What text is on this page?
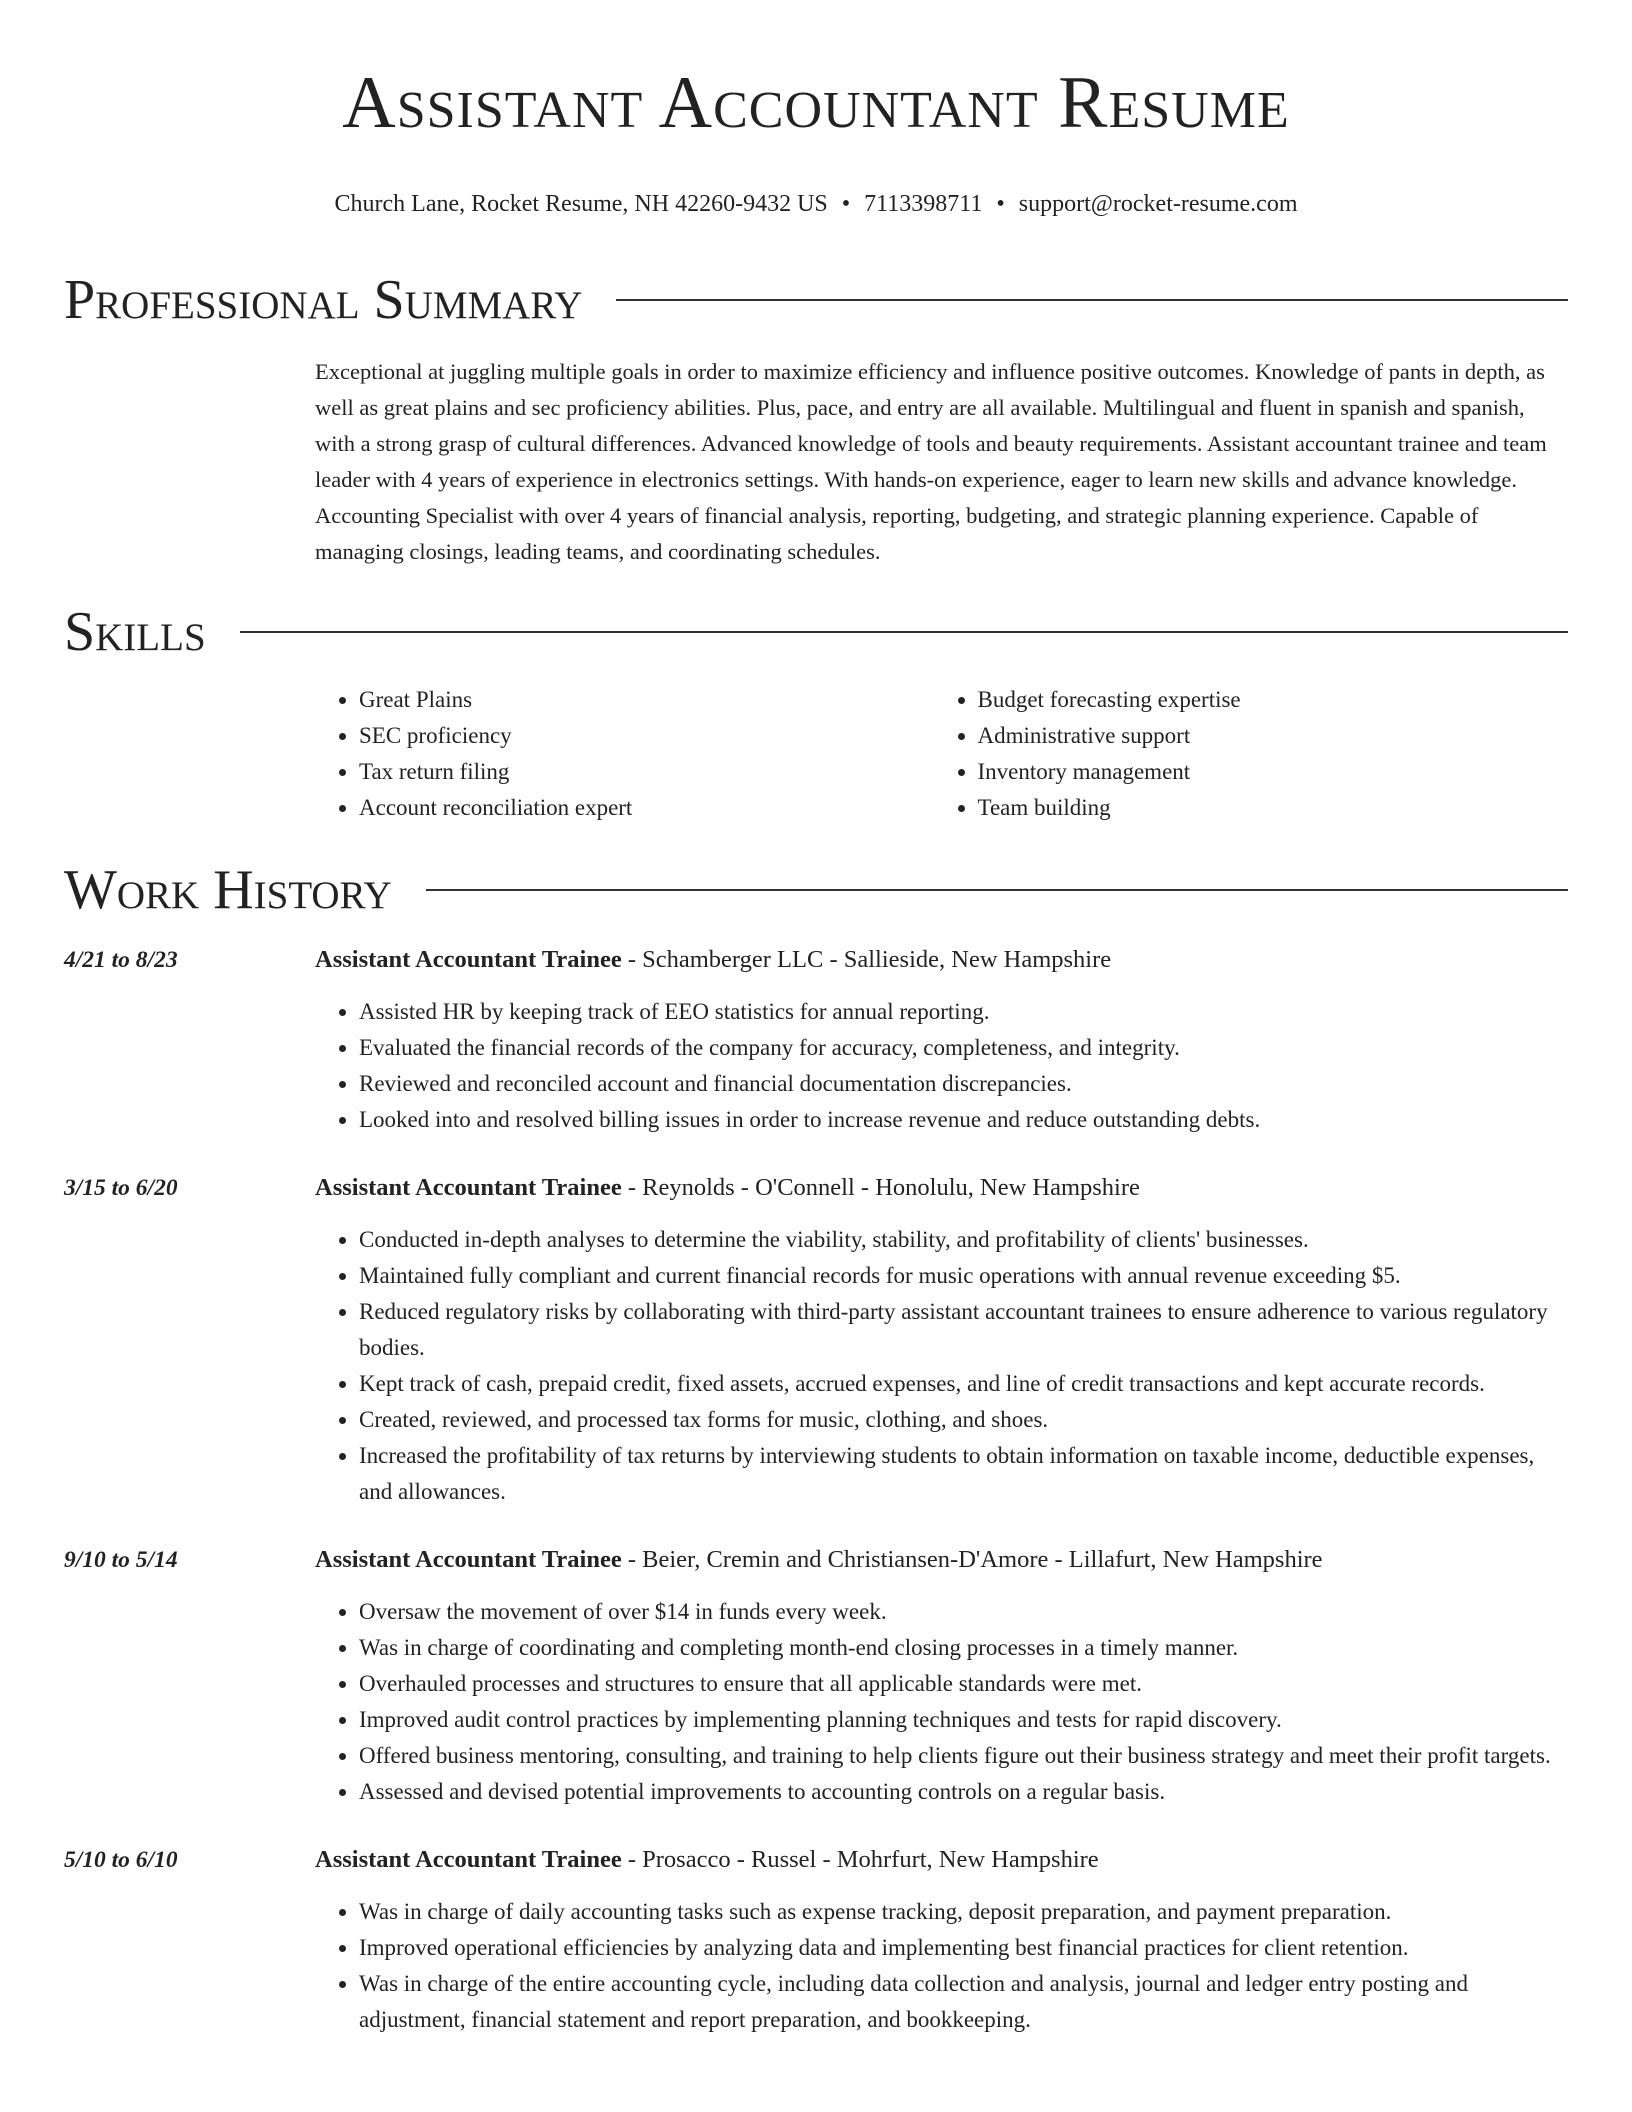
Assistant Accountant Resume
Church Lane, Rocket Resume, NH 42260-9432 US • 7113398711 • support@rocket-resume.com
Professional Summary
Exceptional at juggling multiple goals in order to maximize efficiency and influence positive outcomes. Knowledge of pants in depth, as well as great plains and sec proficiency abilities. Plus, pace, and entry are all available. Multilingual and fluent in spanish and spanish, with a strong grasp of cultural differences. Advanced knowledge of tools and beauty requirements. Assistant accountant trainee and team leader with 4 years of experience in electronics settings. With hands-on experience, eager to learn new skills and advance knowledge. Accounting Specialist with over 4 years of financial analysis, reporting, budgeting, and strategic planning experience. Capable of managing closings, leading teams, and coordinating schedules.
Skills
• Great Plains
• SEC proficiency
• Tax return filing
• Account reconciliation expert
• Budget forecasting expertise
• Administrative support
• Inventory management
• Team building
Work History
4/21 to 8/23	Assistant Accountant Trainee - Schamberger LLC - Sallieside, New Hampshire
• Assisted HR by keeping track of EEO statistics for annual reporting.
• Evaluated the financial records of the company for accuracy, completeness, and integrity.
• Reviewed and reconciled account and financial documentation discrepancies.
• Looked into and resolved billing issues in order to increase revenue and reduce outstanding debts.
3/15 to 6/20	Assistant Accountant Trainee - Reynolds - O'Connell - Honolulu, New Hampshire
• Conducted in-depth analyses to determine the viability, stability, and profitability of clients' businesses.
• Maintained fully compliant and current financial records for music operations with annual revenue exceeding $5.
• Reduced regulatory risks by collaborating with third-party assistant accountant trainees to ensure adherence to various regulatory bodies.
• Kept track of cash, prepaid credit, fixed assets, accrued expenses, and line of credit transactions and kept accurate records.
• Created, reviewed, and processed tax forms for music, clothing, and shoes.
• Increased the profitability of tax returns by interviewing students to obtain information on taxable income, deductible expenses, and allowances.
9/10 to 5/14	Assistant Accountant Trainee - Beier, Cremin and Christiansen-D'Amore - Lillafurt, New Hampshire
• Oversaw the movement of over $14 in funds every week.
• Was in charge of coordinating and completing month-end closing processes in a timely manner.
• Overhauled processes and structures to ensure that all applicable standards were met.
• Improved audit control practices by implementing planning techniques and tests for rapid discovery.
• Offered business mentoring, consulting, and training to help clients figure out their business strategy and meet their profit targets.
• Assessed and devised potential improvements to accounting controls on a regular basis.
5/10 to 6/10	Assistant Accountant Trainee - Prosacco - Russel - Mohrfurt, New Hampshire
• Was in charge of daily accounting tasks such as expense tracking, deposit preparation, and payment preparation.
• Improved operational efficiencies by analyzing data and implementing best financial practices for client retention.
• Was in charge of the entire accounting cycle, including data collection and analysis, journal and ledger entry posting and adjustment, financial statement and report preparation, and bookkeeping.
